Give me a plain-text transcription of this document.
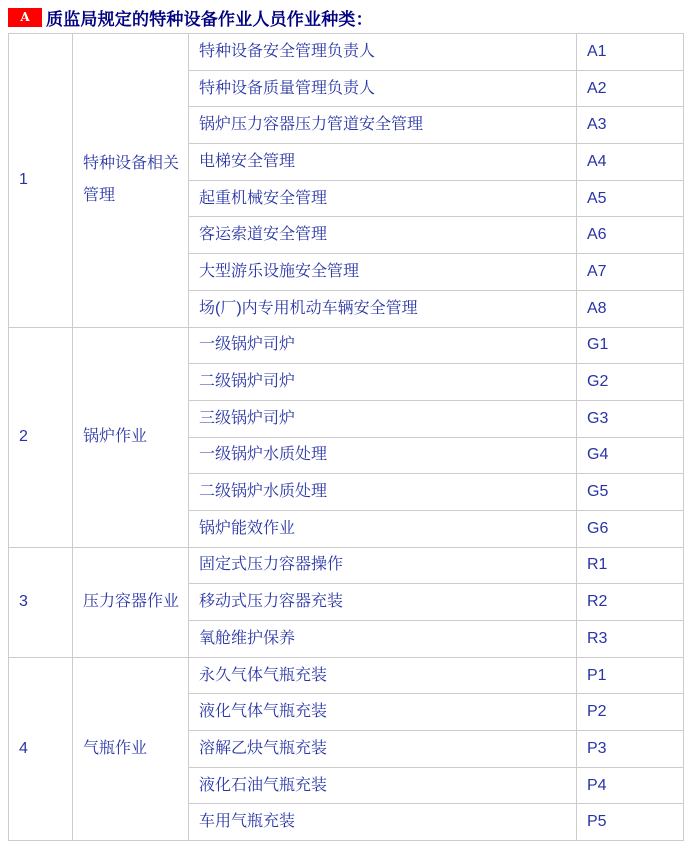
A 质监局规定的特种设备作业人员作业种类：
1	特种设备相关管理	特种设备安全管理负责人	A1
		特种设备质量管理负责人	A2
		锅炉压力容器压力管道安全管理	A3
		电梯安全管理	A4
		起重机械安全管理	A5
		客运索道安全管理	A6
		大型游乐设施安全管理	A7
		场(厂)内专用机动车辆安全管理	A8
2	锅炉作业	一级锅炉司炉	G1
		二级锅炉司炉	G2
		三级锅炉司炉	G3
		一级锅炉水质处理	G4
		二级锅炉水质处理	G5
		锅炉能效作业	G6
3	压力容器作业	固定式压力容器操作	R1
		移动式压力容器充装	R2
		氧舱维护保养	R3
4	气瓶作业	永久气体气瓶充装	P1
		液化气体气瓶充装	P2
		溶解乙炔气瓶充装	P3
		液化石油气瓶充装	P4
		车用气瓶充装	P5
